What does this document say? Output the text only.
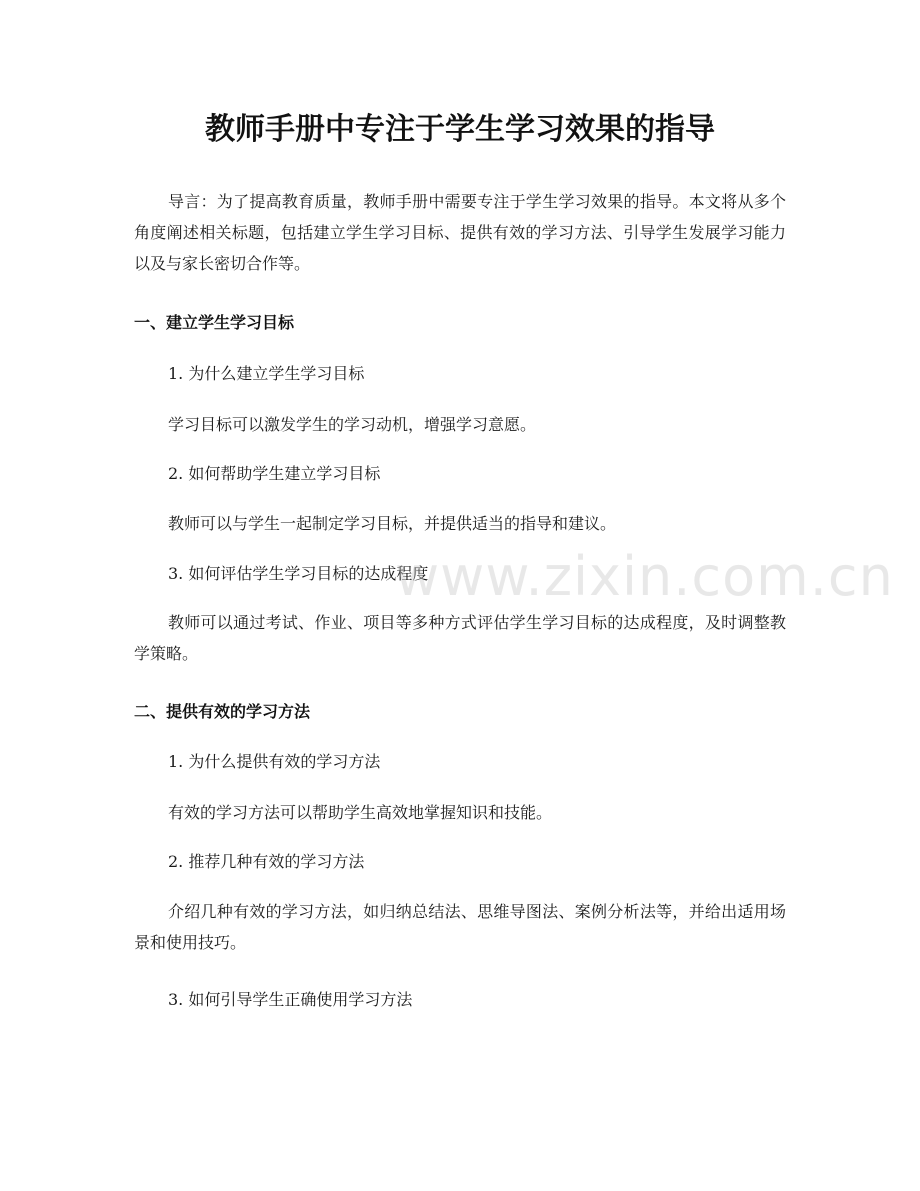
教师手册中专注于学生学习效果的指导

导言：为了提高教育质量，教师手册中需要专注于学生学习效果的指导。本文将从多个角度阐述相关标题，包括建立学生学习目标、提供有效的学习方法、引导学生发展学习能力以及与家长密切合作等。

一、建立学生学习目标

1. 为什么建立学生学习目标

学习目标可以激发学生的学习动机，增强学习意愿。

2. 如何帮助学生建立学习目标

教师可以与学生一起制定学习目标，并提供适当的指导和建议。

3. 如何评估学生学习目标的达成程度

教师可以通过考试、作业、项目等多种方式评估学生学习目标的达成程度，及时调整教学策略。

二、提供有效的学习方法

1. 为什么提供有效的学习方法

有效的学习方法可以帮助学生高效地掌握知识和技能。

2. 推荐几种有效的学习方法

介绍几种有效的学习方法，如归纳总结法、思维导图法、案例分析法等，并给出适用场景和使用技巧。

3. 如何引导学生正确使用学习方法

www.zixin.com.cn
